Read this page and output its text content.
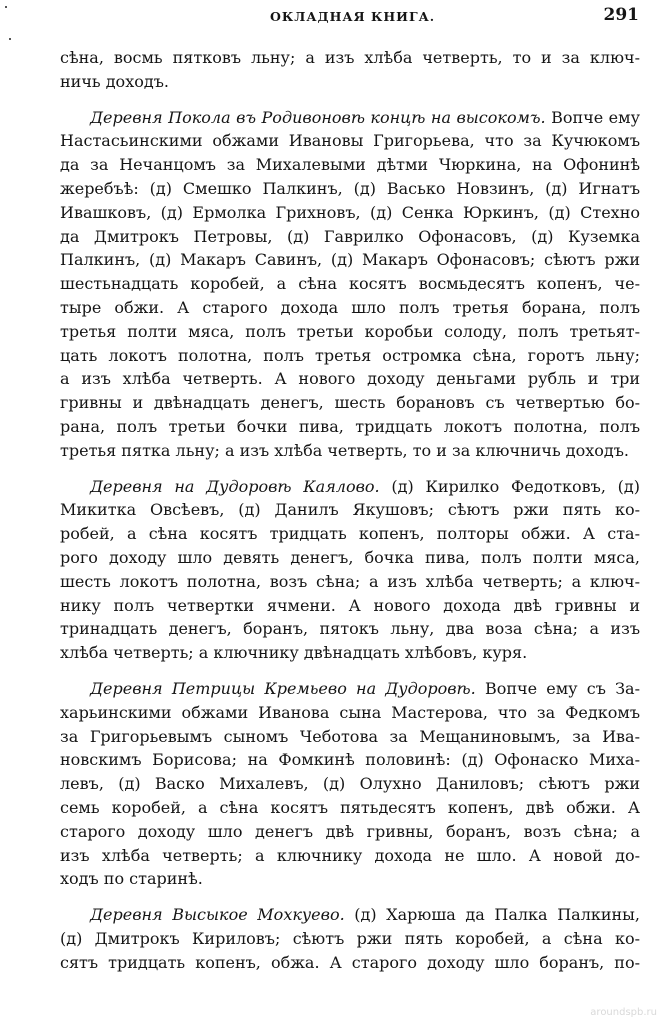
ОКЛАДНАЯ КНИГА.	291
сѣна, восмь пятковъ льну; а изъ хлѣба четверть, то и за ключ-
ничь доходъ.
Деревня Покола въ Родивоновѣ концѣ на высокомъ. Вопче ему
Настасьинскими обжами Ивановы Григорьева, что за Кучюкомъ
да за Нечанцомъ за Михалевыми дѣтми Чюркина, на Офонинѣ
жеребъѣ: (д) Смешко Палкинъ, (д) Васько Новзинъ, (д) Игнатъ
Ивашковъ, (д) Ермолка Грихновъ, (д) Сенка Юркинъ, (д) Стехно
да Дмитрокъ Петровы, (д) Гаврилко Офонасовъ, (д) Куземка
Палкинъ, (д) Макаръ Савинъ, (д) Макаръ Офонасовъ; сѣютъ ржи
шестьнадцать коробей, а сѣна косятъ восмьдесятъ копенъ, че-
тыре обжи. А старого дохода шло полъ третья борана, полъ
третья полти мяса, полъ третьи коробьи солоду, полъ третьят-
цать локотъ полотна, полъ третья остромка сѣна, горотъ льну;
а изъ хлѣба четверть. А нового доходу деньгами рубль и три
гривны и двѣнадцать денегъ, шесть борановъ съ четвертью бо-
рана, полъ третьи бочки пива, тридцать локотъ полотна, полъ
третья пятка льну; а изъ хлѣба четверть, то и за ключничь доходъ.
Деревня на Дудоровѣ Каялово. (д) Кирилко Федотковъ, (д)
Микитка Овсѣевъ, (д) Данилъ Якушовъ; сѣютъ ржи пять ко-
робей, а сѣна косятъ тридцать копенъ, полторы обжи. А ста-
рого доходу шло девять денегъ, бочка пива, полъ полти мяса,
шесть локотъ полотна, возъ сѣна; а изъ хлѣба четверть; а ключ-
нику полъ четвертки ячмени. А нового дохода двѣ гривны и
тринадцать денегъ, боранъ, пятокъ льну, два воза сѣна; а изъ
хлѣба четверть; а ключнику двѣнадцать хлѣбовъ, куря.
Деревня Петрицы Кремьево на Дудоровѣ. Вопче ему съ За-
харьинскими обжами Иванова сына Мастерова, что за Федкомъ
за Григорьевымъ сыномъ Чеботова за Мещаниновымъ, за Ива-
новскимъ Борисова; на Фомкинѣ половинѣ: (д) Офонаско Миха-
левъ, (д) Васко Михалевъ, (д) Олухно Даниловъ; сѣютъ ржи
семь коробей, а сѣна косятъ пятьдесятъ копенъ, двѣ обжи. А
старого доходу шло денегъ двѣ гривны, боранъ, возъ сѣна; а
изъ хлѣба четверть; а ключнику дохода не шло. А новой до-
ходъ по старинѣ.
Деревня Высыкое Мохкуево. (д) Харюша да Палка Палкины,
(д) Дмитрокъ Кириловъ; сѣютъ ржи пять коробей, а сѣна ко-
сятъ тридцать копенъ, обжа. А старого доходу шло боранъ, по-
aroundspb.ru
